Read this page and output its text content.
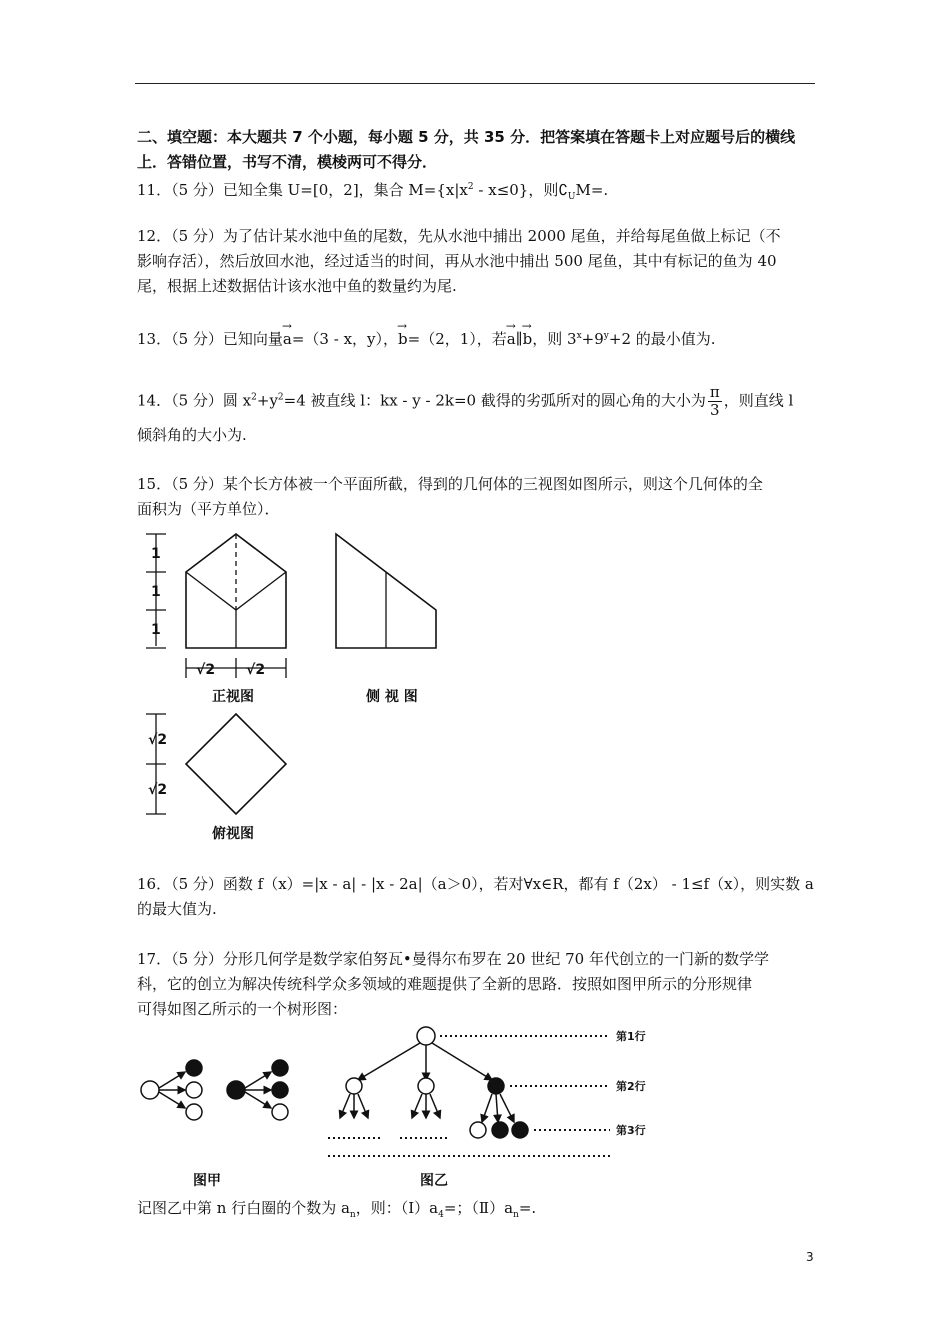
二、填空题：本大题共 7 个小题，每小题 5 分，共 35 分．把答案填在答题卡上对应题号后的横线
上．答错位置，书写不清，模棱两可不得分．
11．（5 分）已知全集 U=[0，2]，集合 $M=\{x|x^2 - x\le 0\}$，则$∁_UM=$.
12．（5 分）为了估计某水池中鱼的尾数，先从水池中捕出 2000 尾鱼，并给每尾鱼做上标记（不
影响存活），然后放回水池，经过适当的时间，再从水池中捕出 500 尾鱼，其中有标记的鱼为 40
尾，根据上述数据估计该水池中鱼的数量约为尾.
13．（5 分）已知向量→ a=（3 - x，y），→ b=（2，1），若→ a∥→ b，则 $3^x+9^y+2$ 的最小值为.
14．（5 分）圆 $x^2+y^2=4$ 被直线 l：kx - y - 2k=0 截得的劣弧所对的圆心角的大小为 $\frac{\pi}{3}$ ，则直线 l
倾斜角的大小为.
15．（5 分）某个长方体被一个平面所截，得到的几何体的三视图如图所示，则这个几何体的全
面积为（平方单位）．
1
1
1
√2 √2
√2
√2
正视图	侧 视 图
俯视图
16．（5 分）函数 f（x）=|x - a| - |x - 2a|（a＞0），若对∀x∈R，都有 f（2x） - 1≤f（x），则实数 a
的最大值为.
17．（5 分）分形几何学是数学家伯努瓦•曼得尔布罗在 20 世纪 70 年代创立的一门新的数学学
科，它的创立为解决传统科学众多领域的难题提供了全新的思路．按照如图甲所示的分形规律
可得如图乙所示的一个树形图：
第1行
第2行
第3行
图甲	图乙
记图乙中第 n 行白圈的个数为 $a_n$，则：$(Ⅰ)a_4=$；$(Ⅱ)a_n=$.
3
